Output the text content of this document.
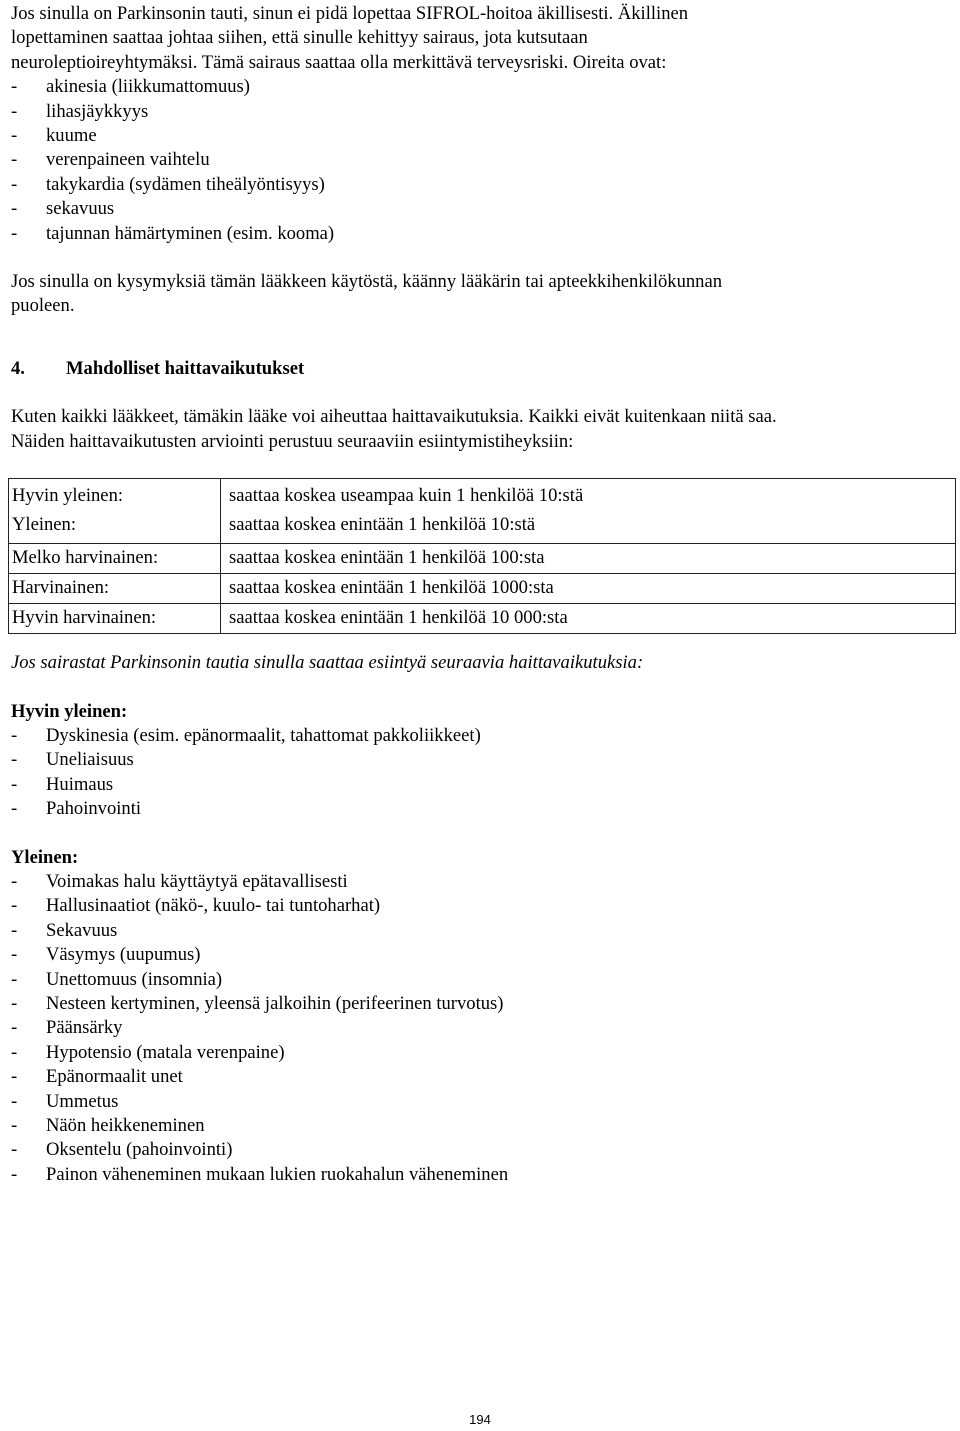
Jos sinulla on Parkinsonin tauti, sinun ei pidä lopettaa SIFROL-hoitoa äkillisesti. Äkillinen

lopettaminen saattaa johtaa siihen, että sinulle kehittyy sairaus, jota kutsutaan

neuroleptioireyhtymäksi. Tämä sairaus saattaa olla merkittävä terveysriski. Oireita ovat:

- akinesia (liikkumattomuus)
- lihasjäykkyys
- kuume
- verenpaineen vaihtelu
- takykardia (sydämen tiheälyöntisyys)
- sekavuus
- tajunnan hämärtyminen (esim. kooma)

Jos sinulla on kysymyksiä tämän lääkkeen käytöstä, käänny lääkärin tai apteekkihenkilökunnan

puoleen.

4. Mahdolliset haittavaikutukset

Kuten kaikki lääkkeet, tämäkin lääke voi aiheuttaa haittavaikutuksia. Kaikki eivät kuitenkaan niitä saa.

Näiden haittavaikutusten arviointi perustuu seuraaviin esiintymistiheyksiin:

Hyvin yleinen:	saattaa koskea useampaa kuin 1 henkilöä 10:stä
Yleinen:	saattaa koskea enintään 1 henkilöä 10:stä
Melko harvinainen:	saattaa koskea enintään 1 henkilöä 100:sta
Harvinainen:	saattaa koskea enintään 1 henkilöä 1000:sta
Hyvin harvinainen:	saattaa koskea enintään 1 henkilöä 10 000:sta

Jos sairastat Parkinsonin tautia sinulla saattaa esiintyä seuraavia haittavaikutuksia:

Hyvin yleinen:

- Dyskinesia (esim. epänormaalit, tahattomat pakkoliikkeet)
- Uneliaisuus
- Huimaus
- Pahoinvointi

Yleinen:

- Voimakas halu käyttäytyä epätavallisesti
- Hallusinaatiot (näkö-, kuulo- tai tuntoharhat)
- Sekavuus
- Väsymys (uupumus)
- Unettomuus (insomnia)
- Nesteen kertyminen, yleensä jalkoihin (perifeerinen turvotus)
- Päänsärky
- Hypotensio (matala verenpaine)
- Epänormaalit unet
- Ummetus
- Näön heikkeneminen
- Oksentelu (pahoinvointi)
- Painon väheneminen mukaan lukien ruokahalun väheneminen
194
